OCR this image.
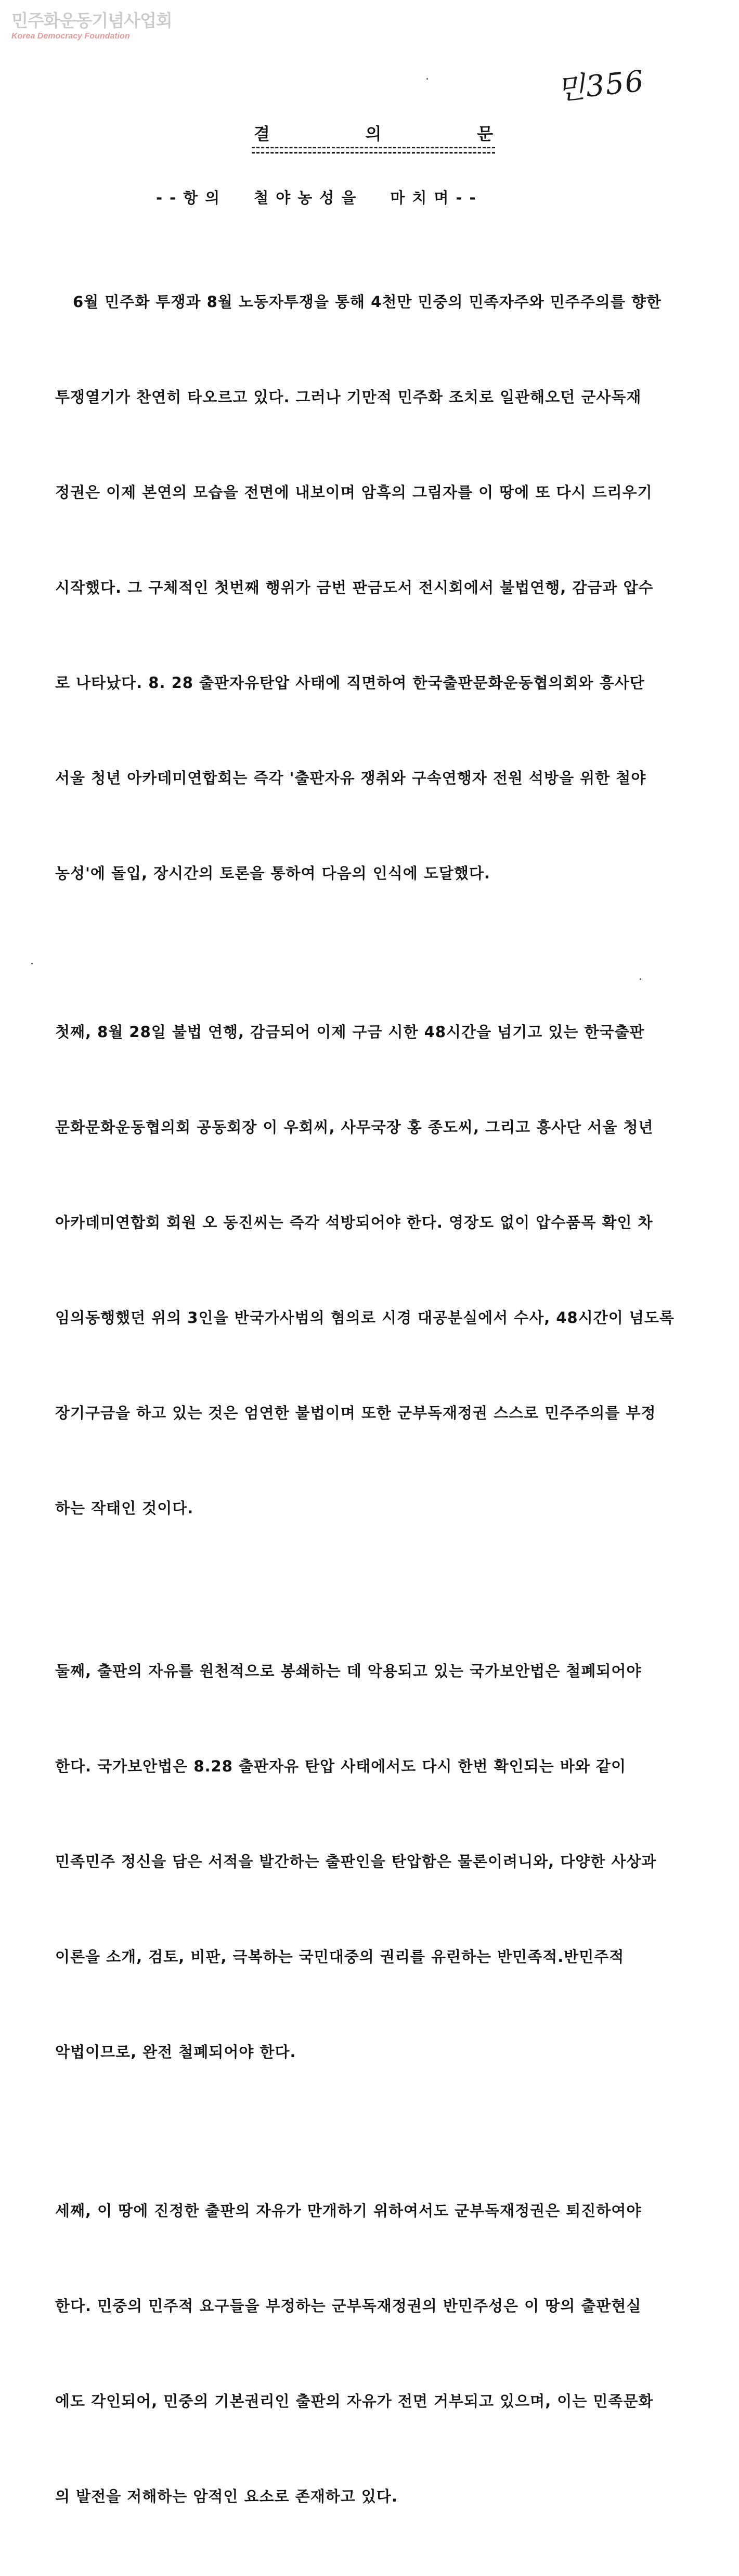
민주화운동기념사업회
Korea Democracy Foundation
민356
결	의	문
--항의 철야농성을 마치며--

6월 민주화 투쟁과 8월 노동자투쟁을 통해 4천만 민중의 민족자주와 민주주의를 향한

투쟁열기가 찬연히 타오르고 있다. 그러나 기만적 민주화 조치로 일관해오던 군사독재

정권은 이제 본연의 모습을 전면에 내보이며 암흑의 그림자를 이 땅에 또 다시 드리우기

시작했다. 그 구체적인 첫번째 행위가 금번 판금도서 전시회에서 불법연행, 감금과 압수

로 나타났다. 8. 28 출판자유탄압 사태에 직면하여 한국출판문화운동협의회와 흥사단

서울 청년 아카데미연합회는 즉각 '출판자유 쟁취와 구속연행자 전원 석방을 위한 철야

농성'에 돌입, 장시간의 토론을 통하여 다음의 인식에 도달했다.

첫째, 8월 28일 불법 연행, 감금되어 이제 구금 시한 48시간을 넘기고 있는 한국출판

문화문화운동협의회 공동회장 이 우회씨, 사무국장 홍 종도씨, 그리고 흥사단 서울 청년

아카데미연합회 회원 오 동진씨는 즉각 석방되어야 한다. 영장도 없이 압수품목 확인 차

임의동행했던 위의 3인을 반국가사범의 혐의로 시경 대공분실에서 수사, 48시간이 넘도록

장기구금을 하고 있는 것은 엄연한 불법이며 또한 군부독재정권 스스로 민주주의를 부정

하는 작태인 것이다.

둘째, 출판의 자유를 원천적으로 봉쇄하는 데 악용되고 있는 국가보안법은 철폐되어야

한다. 국가보안법은 8.28 출판자유 탄압 사태에서도 다시 한번 확인되는 바와 같이

민족민주 정신을 담은 서적을 발간하는 출판인을 탄압함은 물론이려니와, 다양한 사상과

이론을 소개, 검토, 비판, 극복하는 국민대중의 권리를 유린하는 반민족적.반민주적

악법이므로, 완전 철폐되어야 한다.

세째, 이 땅에 진정한 출판의 자유가 만개하기 위하여서도 군부독재정권은 퇴진하여야

한다. 민중의 민주적 요구들을 부정하는 군부독재정권의 반민주성은 이 땅의 출판현실

에도 각인되어, 민중의 기본권리인 출판의 자유가 전면 거부되고 있으며, 이는 민족문화

의 발전을 저해하는 암적인 요소로 존재하고 있다.
